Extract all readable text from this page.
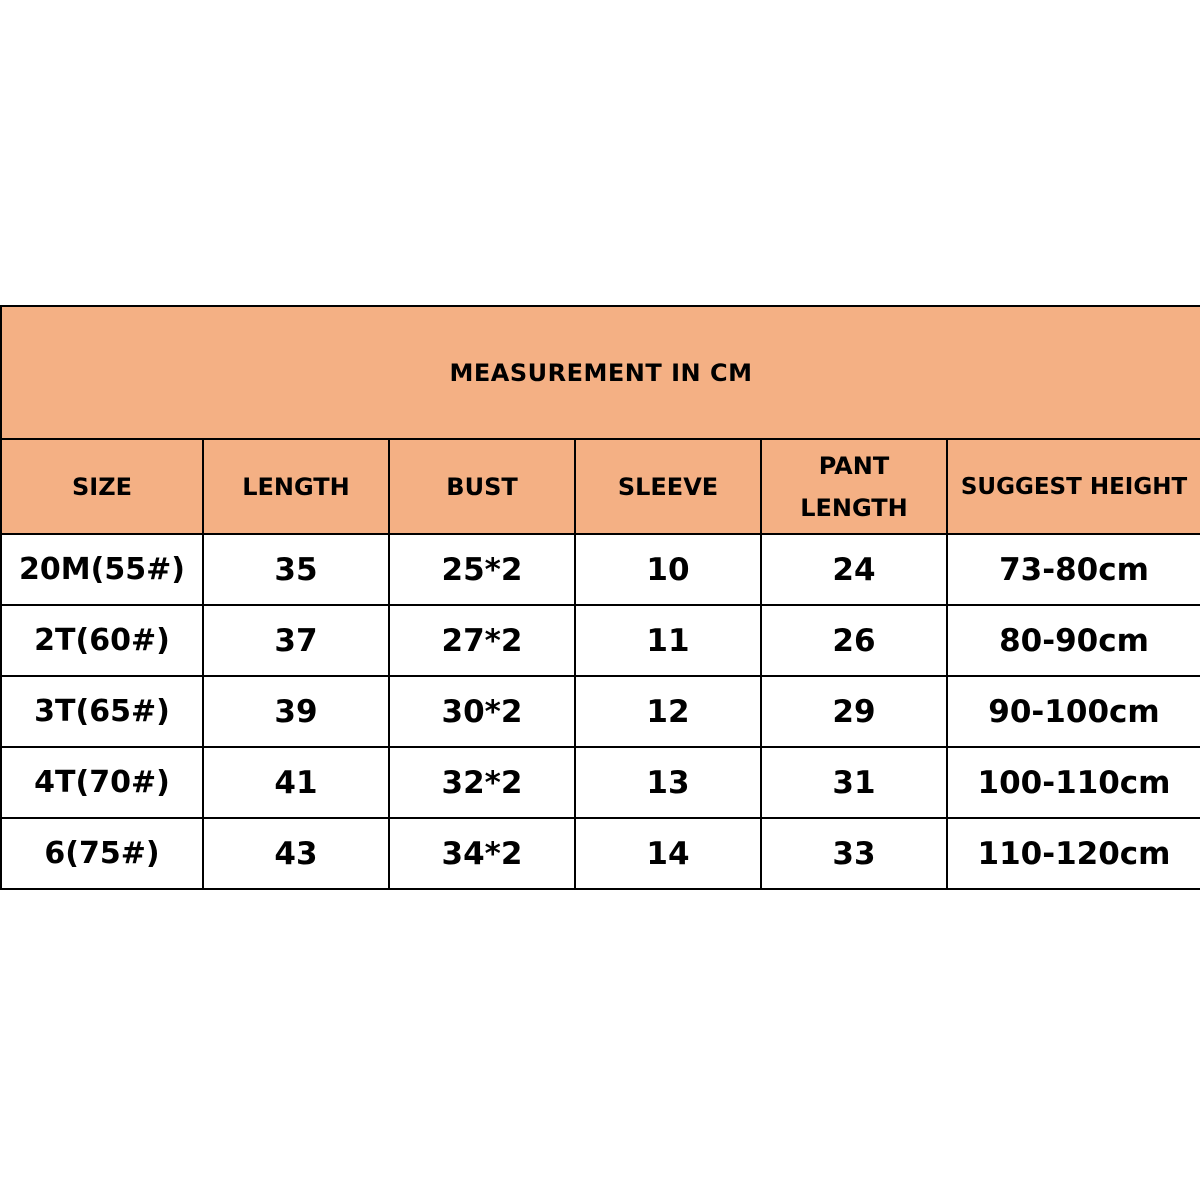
MEASUREMENT IN CM					
SIZE	LENGTH	BUST	SLEEVE	PANT LENGTH	SUGGEST HEIGHT
20M(55#)	35	25*2	10	24	73-80cm
2T(60#)	37	27*2	11	26	80-90cm
3T(65#)	39	30*2	12	29	90-100cm
4T(70#)	41	32*2	13	31	100-110cm
6(75#)	43	34*2	14	33	110-120cm
